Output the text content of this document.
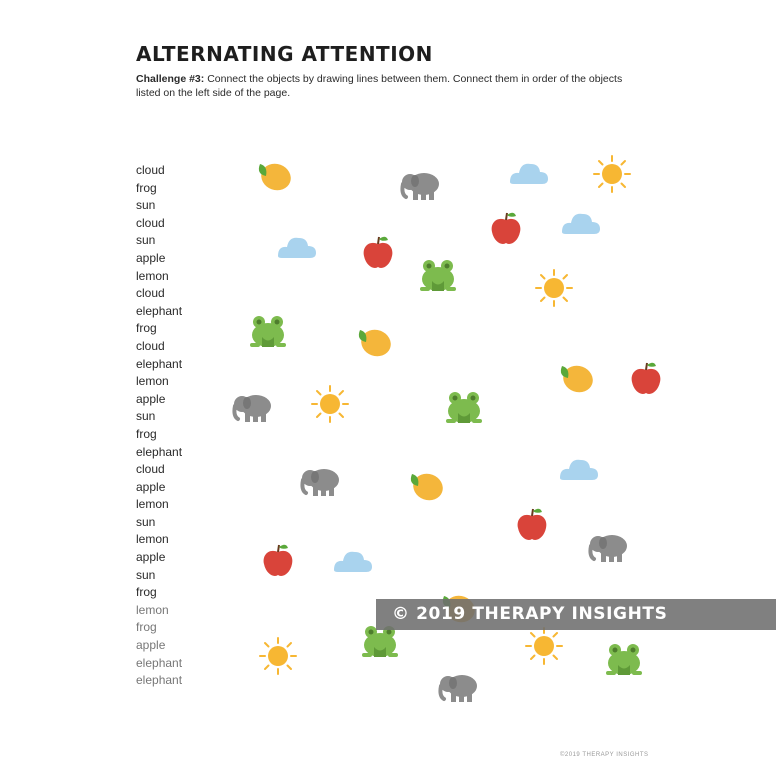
ALTERNATING ATTENTION
Challenge #3: Connect the objects by drawing lines between them. Connect them in order of the objects listed on the left side of the page.
cloud
frog
sun
cloud
sun
apple
lemon
cloud
elephant
frog
cloud
elephant
lemon
apple
sun
frog
elephant
cloud
apple
lemon
sun
lemon
apple
sun
frog
lemon
frog
apple
elephant
elephant
© 2019 THERAPY INSIGHTS
©2019 THERAPY INSIGHTS
